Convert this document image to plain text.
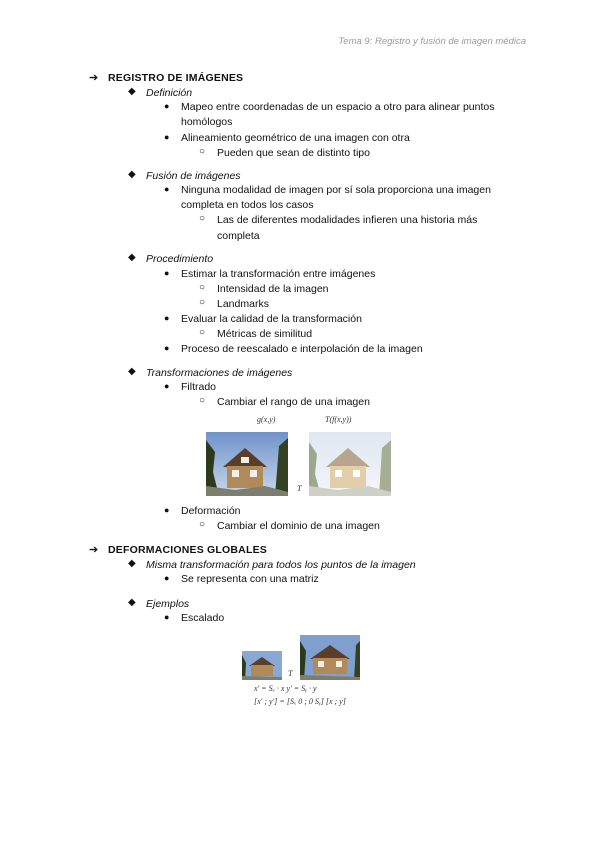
Tema 9: Registro y fusión de imagen médica
➔ REGISTRO DE IMÁGENES
◆ Definición
● Mapeo entre coordenadas de un espacio a otro para alinear puntos
homólogos
● Alineamiento geométrico de una imagen con otra
○ Pueden que sean de distinto tipo
◆ Fusión de imágenes
● Ninguna modalidad de imagen por sí sola proporciona una imagen
completa en todos los casos
○ Las de diferentes modalidades infieren una historia más
completa
◆ Procedimiento
● Estimar la transformación entre imágenes
○ Intensidad de la imagen
○ Landmarks
● Evaluar la calidad de la transformación
○ Métricas de similitud
● Proceso de reescalado e interpolación de la imagen
◆ Transformaciones de imágenes
● Filtrado
○ Cambiar el rango de una imagen
g(x,y)	T(f(x,y))
T
● Deformación
○ Cambiar el dominio de una imagen
➔ DEFORMACIONES GLOBALES
◆ Misma transformación para todos los puntos de la imagen
● Se representa con una matriz
◆ Ejemplos
● Escalado
T
x' = Sₓ · x y' = Sᵧ · y
[x' ; y'] = [Sₓ 0 ; 0 Sᵧ] [x ; y]
